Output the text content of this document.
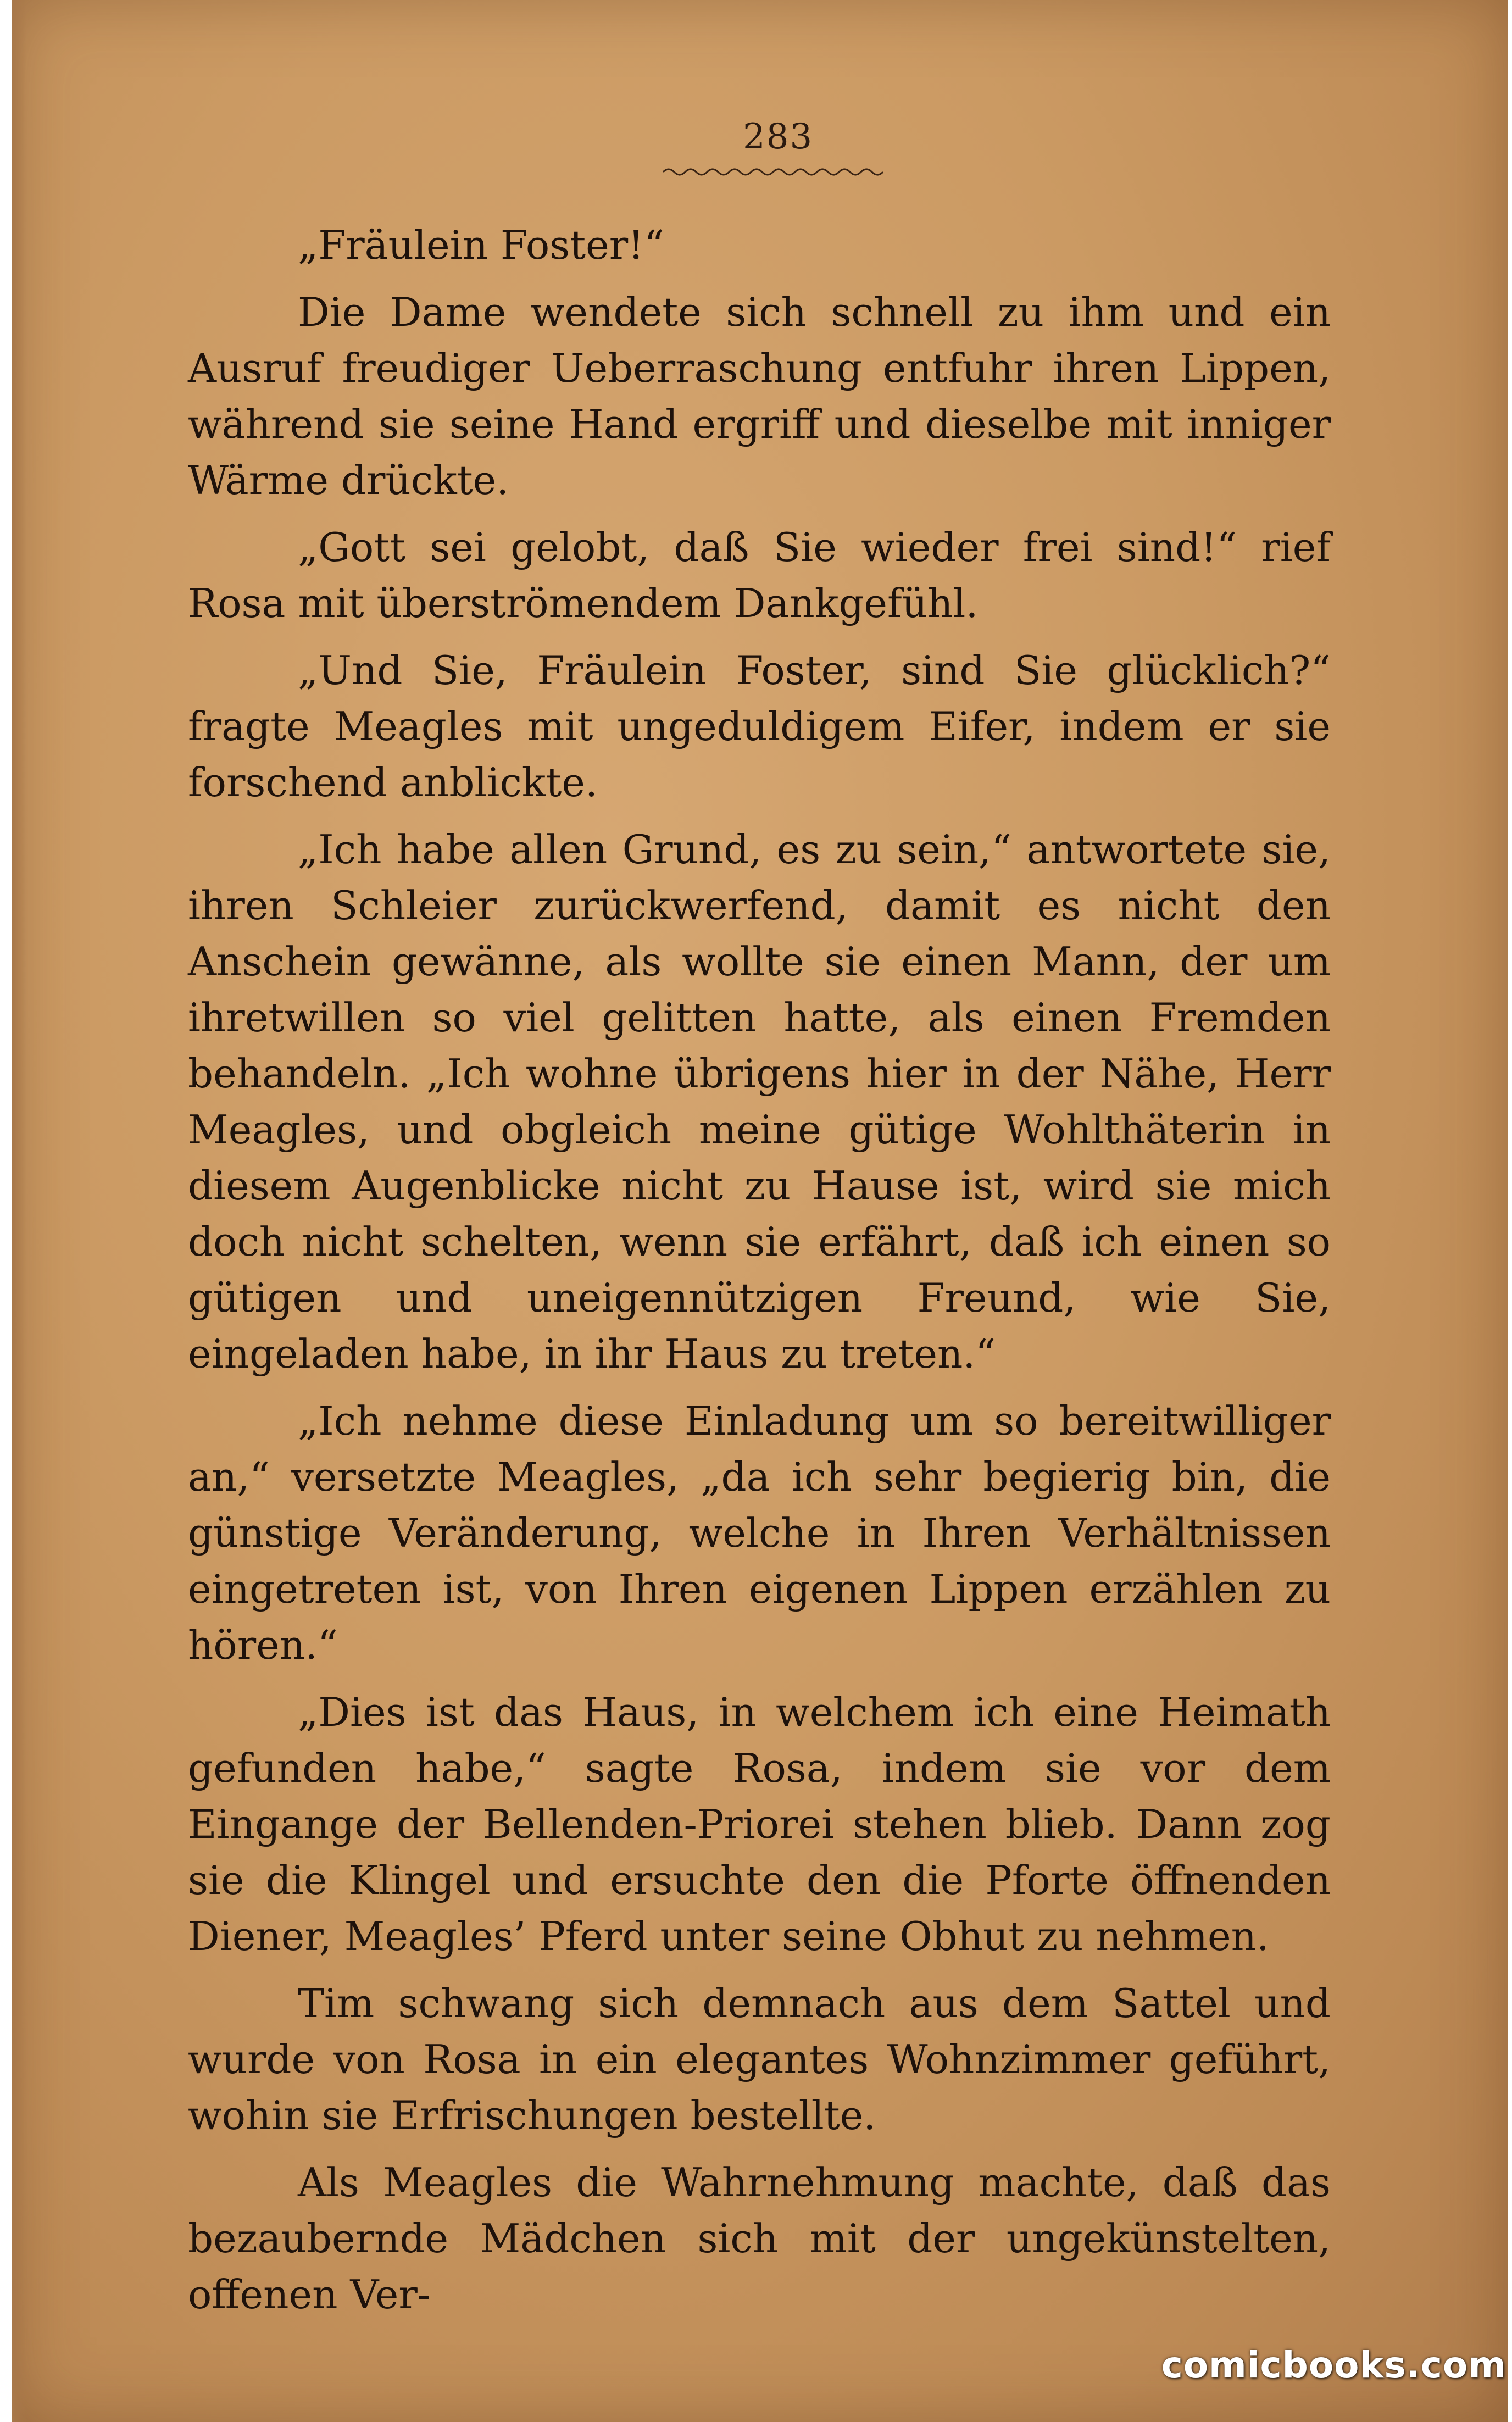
283

„Fräulein Foster!“

Die Dame wendete sich schnell zu ihm und ein Ausruf freudiger Ueberraschung entfuhr ihren Lippen, während sie seine Hand ergriff und dieselbe mit inniger Wärme drückte.

„Gott sei gelobt, daß Sie wieder frei sind!“ rief Rosa mit überströmendem Dankgefühl.

„Und Sie, Fräulein Foster, sind Sie glücklich?“ fragte Meagles mit ungeduldigem Eifer, indem er sie forschend anblickte.

„Ich habe allen Grund, es zu sein,“ antwortete sie, ihren Schleier zurückwerfend, damit es nicht den Anschein gewänne, als wollte sie einen Mann, der um ihretwillen so viel gelitten hatte, als einen Fremden behandeln. „Ich wohne übrigens hier in der Nähe, Herr Meagles, und obgleich meine gütige Wohlthäterin in diesem Augenblicke nicht zu Hause ist, wird sie mich doch nicht schelten, wenn sie erfährt, daß ich einen so gütigen und uneigennützigen Freund, wie Sie, eingeladen habe, in ihr Haus zu treten.“

„Ich nehme diese Einladung um so bereitwilliger an,“ versetzte Meagles, „da ich sehr begierig bin, die günstige Veränderung, welche in Ihren Verhältnissen eingetreten ist, von Ihren eigenen Lippen erzählen zu hören.“

„Dies ist das Haus, in welchem ich eine Heimath gefunden habe,“ sagte Rosa, indem sie vor dem Eingange der Bellenden-Priorei stehen blieb. Dann zog sie die Klingel und ersuchte den die Pforte öffnenden Diener, Meagles’ Pferd unter seine Obhut zu nehmen.

Tim schwang sich demnach aus dem Sattel und wurde von Rosa in ein elegantes Wohnzimmer geführt, wohin sie Erfrischungen bestellte.

Als Meagles die Wahrnehmung machte, daß das bezaubernde Mädchen sich mit der ungekünstelten, offenen Ver-

comicbooks.com
